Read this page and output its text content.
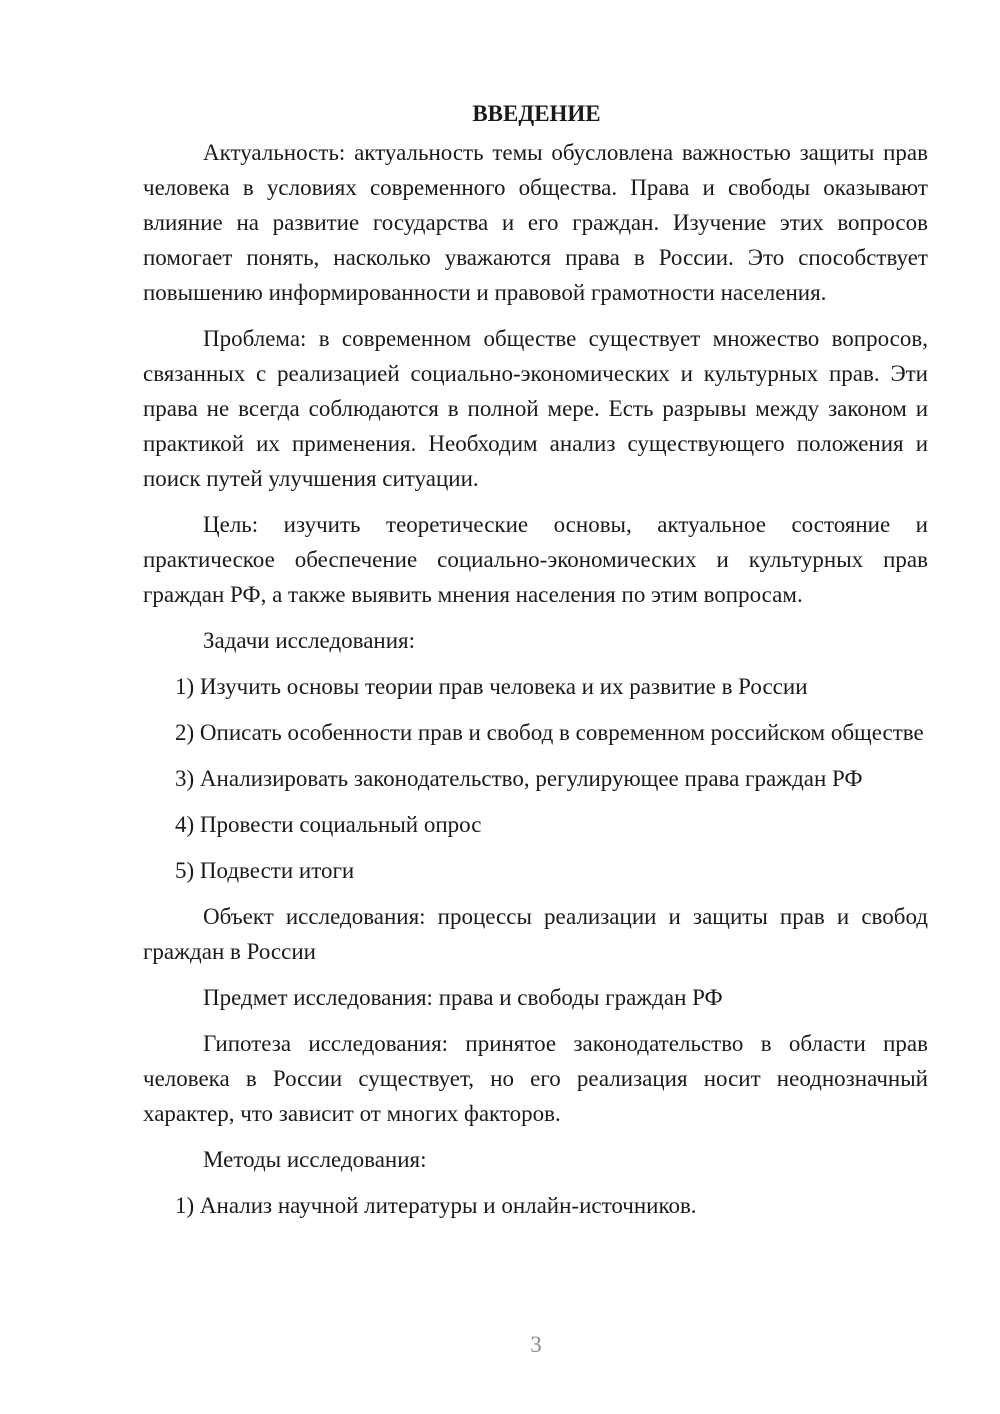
ВВЕДЕНИЕ

Актуальность: актуальность темы обусловлена важностью защиты прав человека в условиях современного общества. Права и свободы оказывают влияние на развитие государства и его граждан. Изучение этих вопросов помогает понять, насколько уважаются права в России. Это способствует повышению информированности и правовой грамотности населения.

Проблема: в современном обществе существует множество вопросов, связанных с реализацией социально-экономических и культурных прав. Эти права не всегда соблюдаются в полной мере. Есть разрывы между законом и практикой их применения. Необходим анализ существующего положения и поиск путей улучшения ситуации.

Цель: изучить теоретические основы, актуальное состояние и практическое обеспечение социально-экономических и культурных прав граждан РФ, а также выявить мнения населения по этим вопросам.

Задачи исследования:

1) Изучить основы теории прав человека и их развитие в России

2) Описать особенности прав и свобод в современном российском обществе

3) Анализировать законодательство, регулирующее права граждан РФ

4) Провести социальный опрос

5) Подвести итоги

Объект исследования: процессы реализации и защиты прав и свобод граждан в России

Предмет исследования: права и свободы граждан РФ

Гипотеза исследования: принятое законодательство в области прав человека в России существует, но его реализация носит неоднозначный характер, что зависит от многих факторов.

Методы исследования:

1) Анализ научной литературы и онлайн-источников.

3
